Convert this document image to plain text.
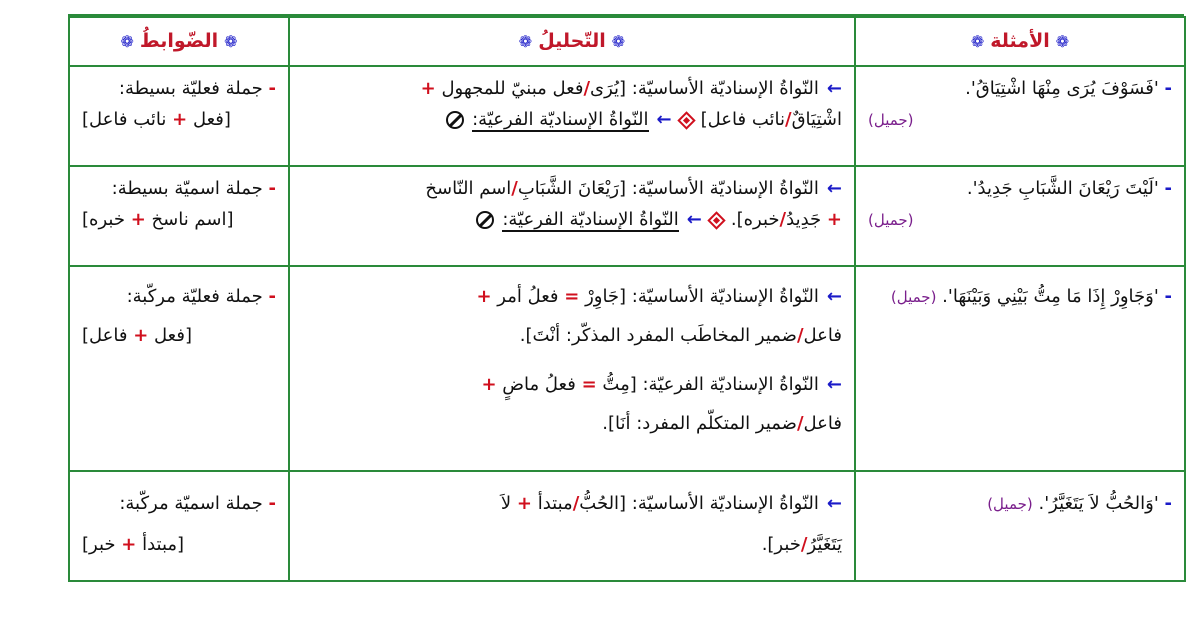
❁الأمثلة❁	❁التّحليلُ❁	❁الضّوابطُ❁

- 'فَسَوْفَ يُرَى مِنْهَا اشْتِيَاقُ'.
(جميل)	←النّواةُ الإسناديّة الأساسيّة: [يُرَى/فعل مبنيّ للمجهول +
اشْتِيَاقٌ/نائب فاعل]←النّواةُ الإسناديّة الفرعيّة:	- جملة فعليّة بسيطة:
[فعل + نائب فاعل]

- 'لَيْتَ رَيْعَانَ الشَّبَابِ جَدِيدُ'.
(جميل)	←النّواةُ الإسناديّة الأساسيّة: [رَيْعَانَ الشَّبَابِ/اسم النّاسخ
+ جَدِيدُ/خبره].←النّواةُ الإسناديّة الفرعيّة:	- جملة اسميّة بسيطة:
[اسم ناسخ + خبره]

- 'وَجَاوِرْ إِذَا مَا مِتُّ بَيْنِي وَبَيْنَهَا'. (جميل)	←النّواةُ الإسناديّة الأساسيّة: [جَاوِرْ = فعلُ أمر +
فاعل/ضمير المخاطَب المفرد المذكّر: أنْتَ].
←النّواةُ الإسناديّة الفرعيّة: [مِتُّ = فعلُ ماضٍ +
فاعل/ضمير المتكلّم المفرد: أنَا].	- جملة فعليّة مركّبة:
[فعل + فاعل]

- 'وَالحُبُّ لاَ يَتَغَيَّرُ'. (جميل)	←النّواةُ الإسناديّة الأساسيّة: [الحُبُّ/مبتدأ + لاَ
يَتَغَيَّرُ/خبر].	- جملة اسميّة مركّبة:
[مبتدأ + خبر]
